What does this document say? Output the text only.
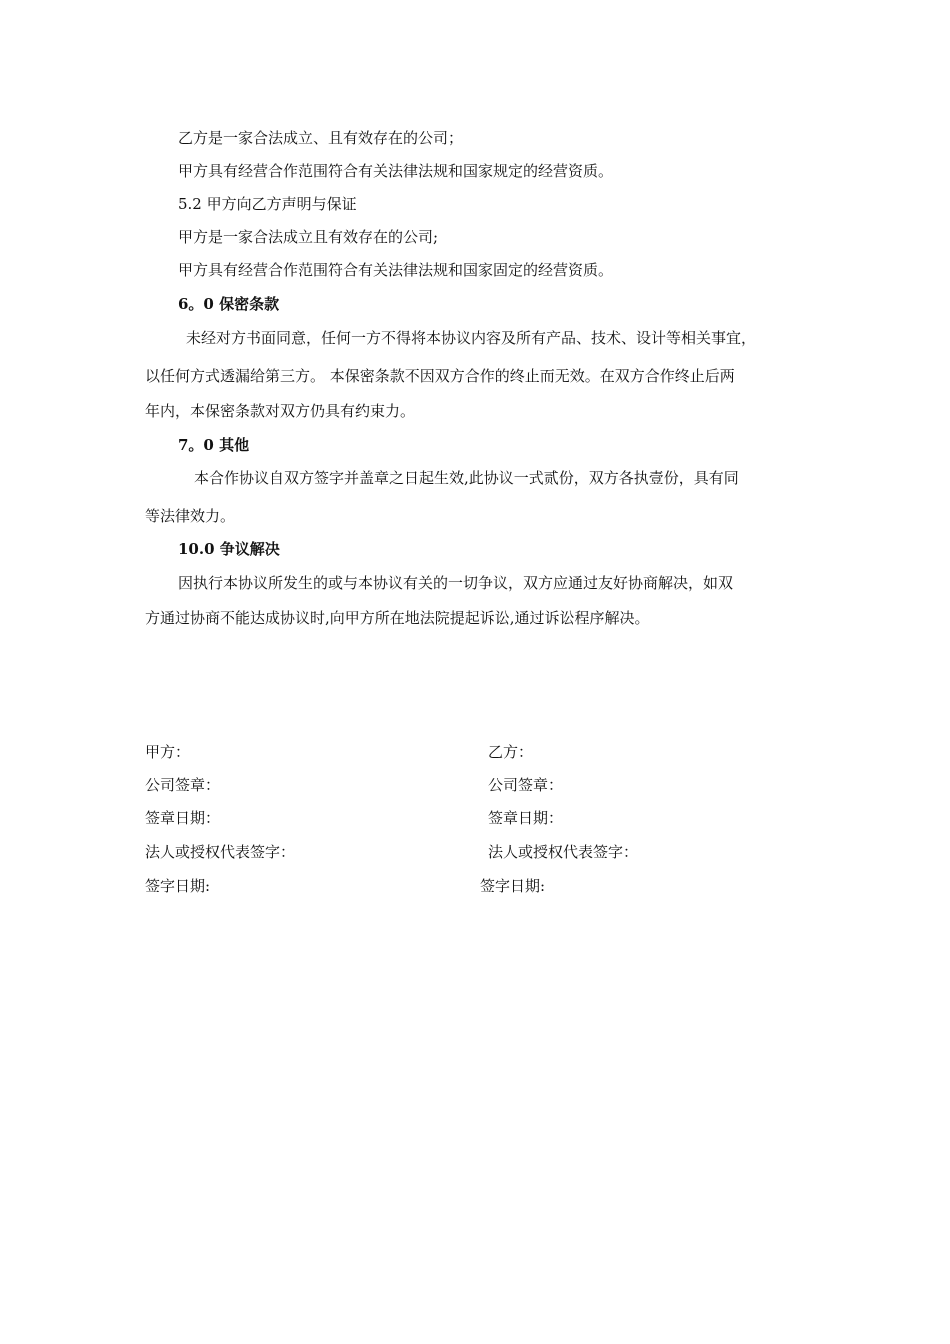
乙方是一家合法成立、且有效存在的公司；
甲方具有经营合作范围符合有关法律法规和国家规定的经营资质。
5.2 甲方向乙方声明与保证
甲方是一家合法成立且有效存在的公司;
甲方具有经营合作范围符合有关法律法规和国家固定的经营资质。
6。0 保密条款
未经对方书面同意，任何一方不得将本协议内容及所有产品、技术、设计等相关事宜，
以任何方式透漏给第三方。 本保密条款不因双方合作的终止而无效。在双方合作终止后两
年内，本保密条款对双方仍具有约束力。
7。0 其他
本合作协议自双方签字并盖章之日起生效,此协议一式贰份，双方各执壹份，具有同
等法律效力。
10.0 争议解决
因执行本协议所发生的或与本协议有关的一切争议，双方应通过友好协商解决，如双
方通过协商不能达成协议时,向甲方所在地法院提起诉讼,通过诉讼程序解决。
甲方：
公司签章：
签章日期：
法人或授权代表签字：
签字日期:
乙方：
公司签章：
签章日期：
法人或授权代表签字：
签字日期:
